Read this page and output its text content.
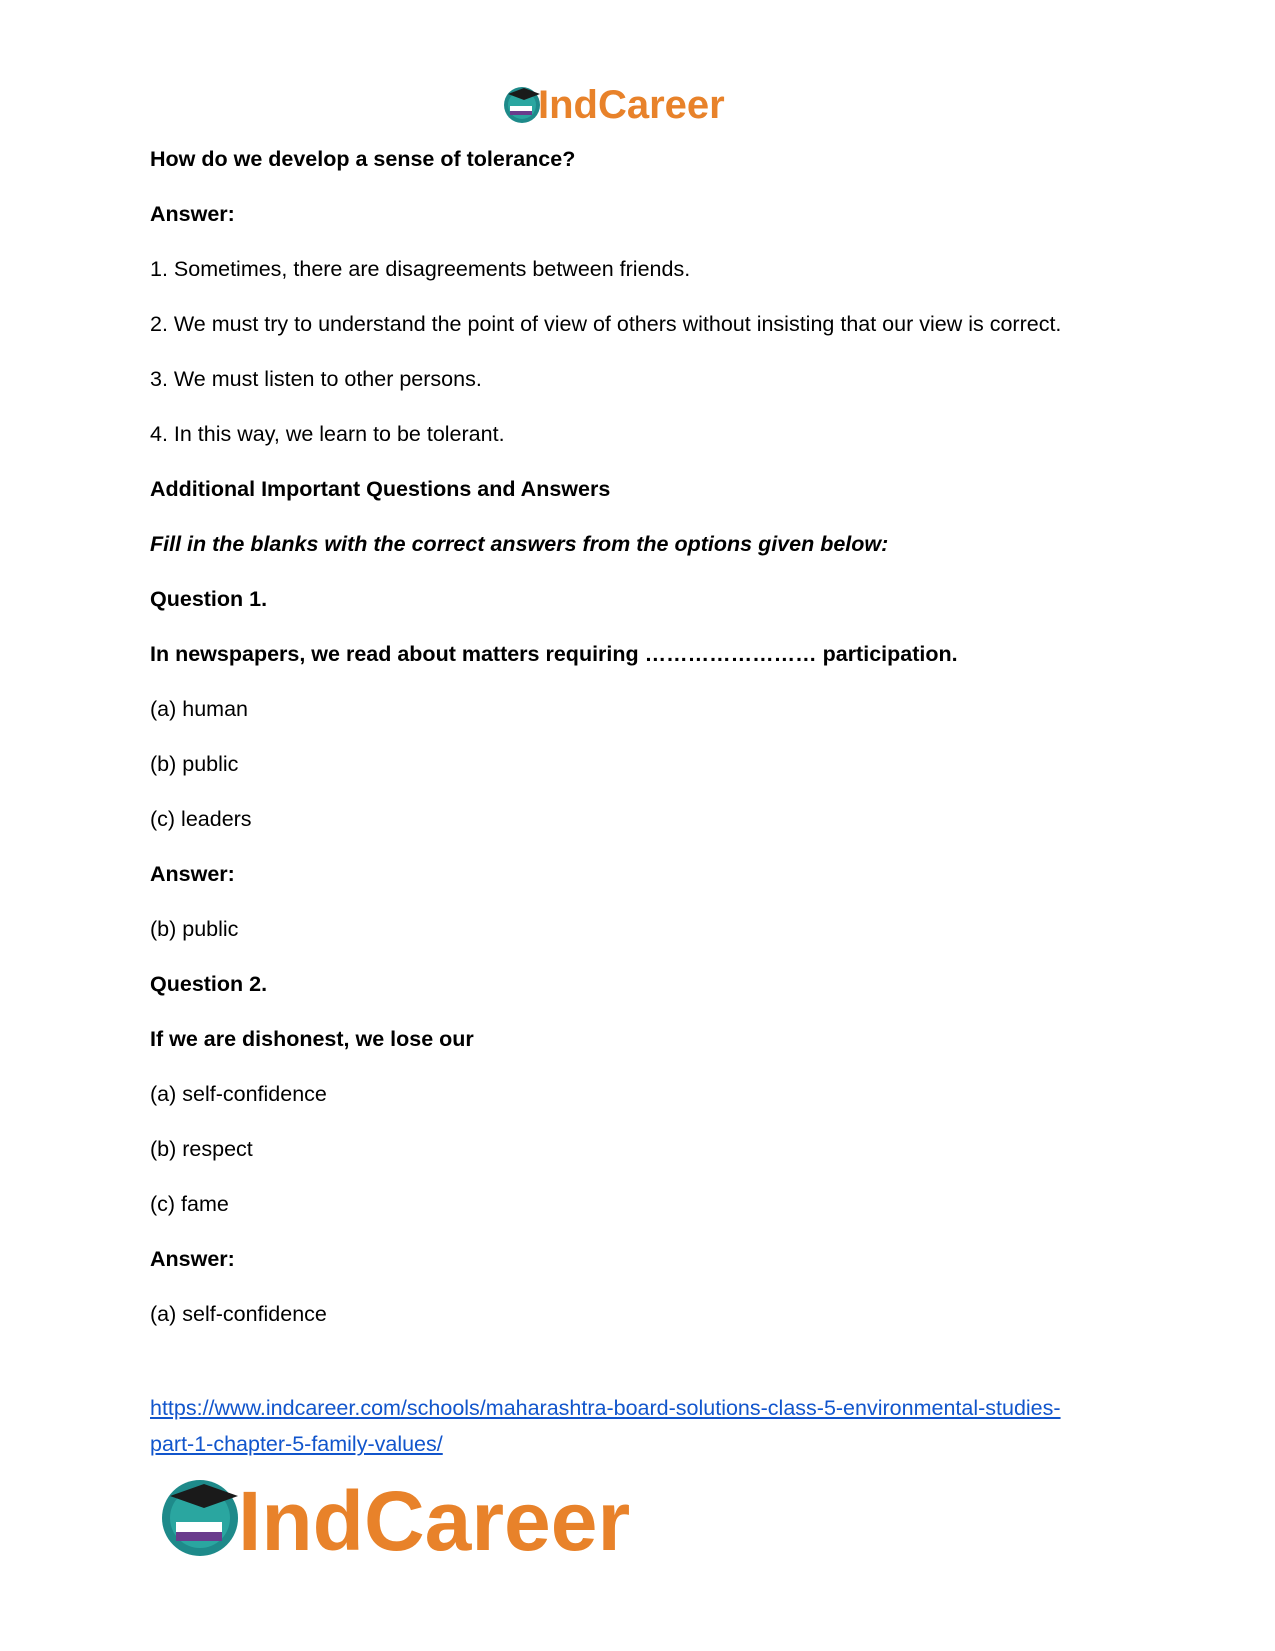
IndCareer
How do we develop a sense of tolerance?
Answer:
1. Sometimes, there are disagreements between friends.
2. We must try to understand the point of view of others without insisting that our view is correct.
3. We must listen to other persons.
4. In this way, we learn to be tolerant.
Additional Important Questions and Answers
Fill in the blanks with the correct answers from the options given below:
Question 1.
In newspapers, we read about matters requiring …………………… participation.
(a) human
(b) public
(c) leaders
Answer:
(b) public
Question 2.
If we are dishonest, we lose our
(a) self-confidence
(b) respect
(c) fame
Answer:
(a) self-confidence
https://www.indcareer.com/schools/maharashtra-board-solutions-class-5-environmental-studies-
part-1-chapter-5-family-values/
IndCareer
